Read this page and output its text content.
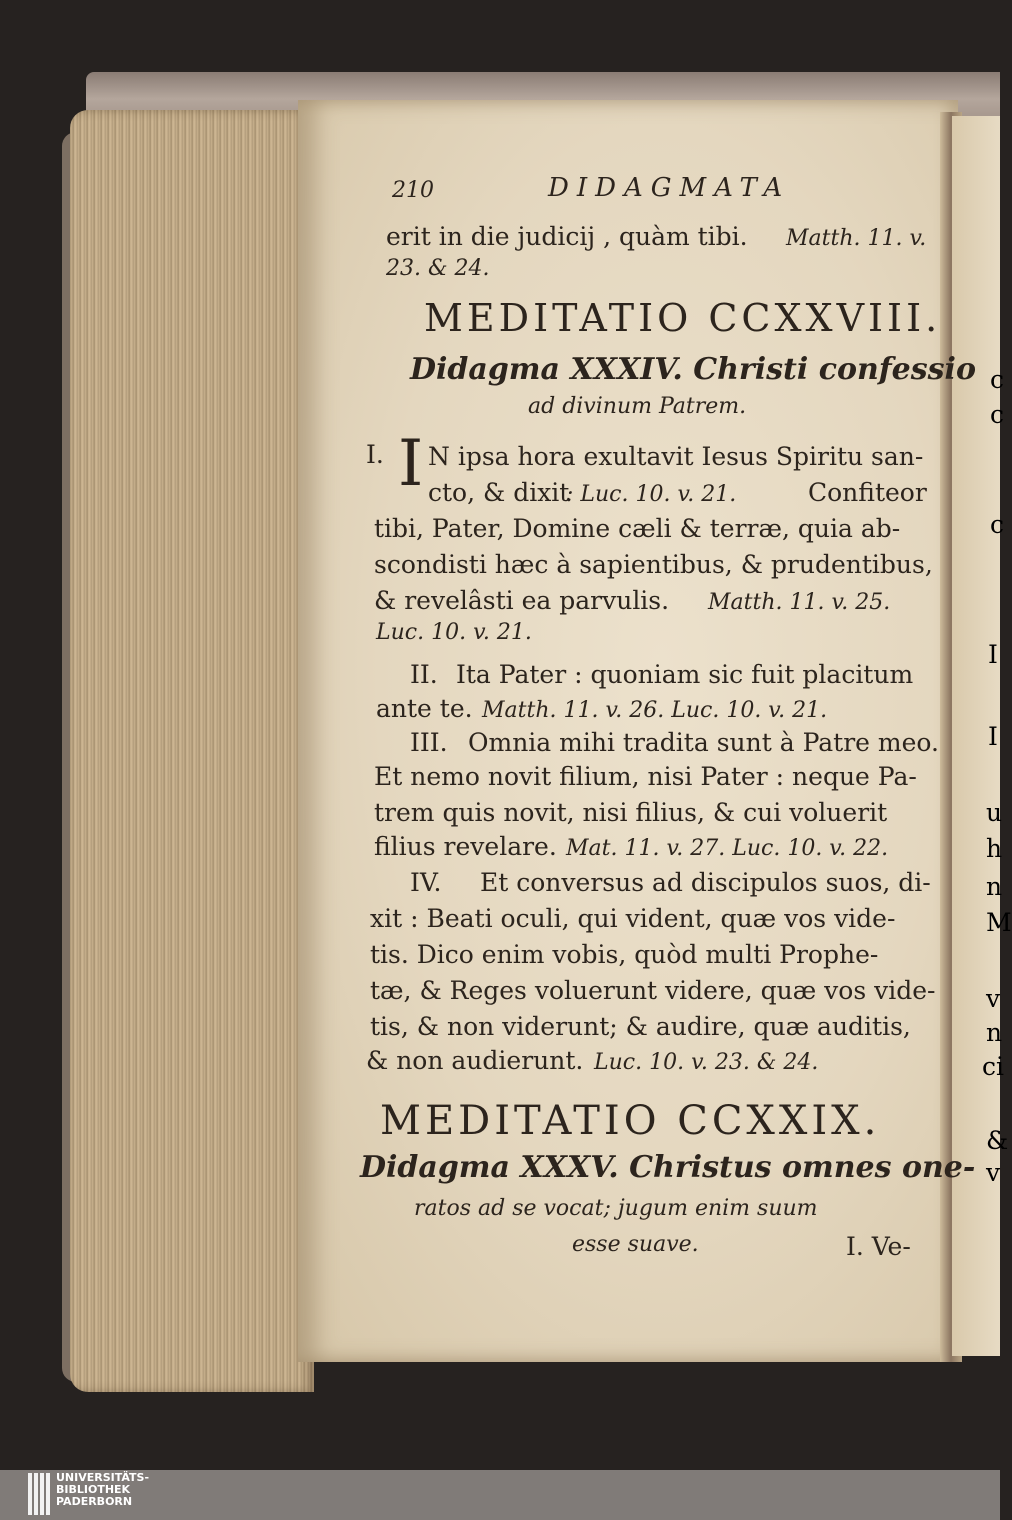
c
c
c
I
I
u
h
n
M
v
n
ci
&
v
210	DIDAGMATA
erit in die judicij , quàm tibi. Matth. 11. v.
23. & 24.
MEDITATIO CCXXVIII.
Didagma XXXIV. Christi confessio
ad divinum Patrem.
I. I N ipsa hora exultavit Iesus Spiritu san-
cto, & dixit
: Luc. 10. v. 21.	Confiteor
tibi, Pater, Domine cæli & terræ, quia ab-
scondisti hæc à sapientibus, & prudentibus,
& revelâsti ea parvulis. Matth. 11. v. 25.
Luc. 10. v. 21.
II. Ita Pater : quoniam sic fuit placitum
ante te. Matth. 11. v. 26. Luc. 10. v. 21.
III. Omnia mihi tradita sunt à Patre meo.
Et nemo novit filium, nisi Pater : neque Pa-
trem quis novit, nisi filius, & cui voluerit
filius revelare. Mat. 11. v. 27. Luc. 10. v. 22.
IV. Et conversus ad discipulos suos, di-
xit : Beati oculi, qui vident, quæ vos vide-
tis. Dico enim vobis, quòd multi Prophe-
tæ, & Reges voluerunt videre, quæ vos vide-
tis, & non viderunt; & audire, quæ auditis,
& non audierunt. Luc. 10. v. 23. & 24.
MEDITATIO CCXXIX.
Didagma XXXV. Christus omnes one-
ratos ad se vocat; jugum enim suum
esse suave.	I. Ve-
UNIVERSITÄTS-
BIBLIOTHEK
PADERBORN
